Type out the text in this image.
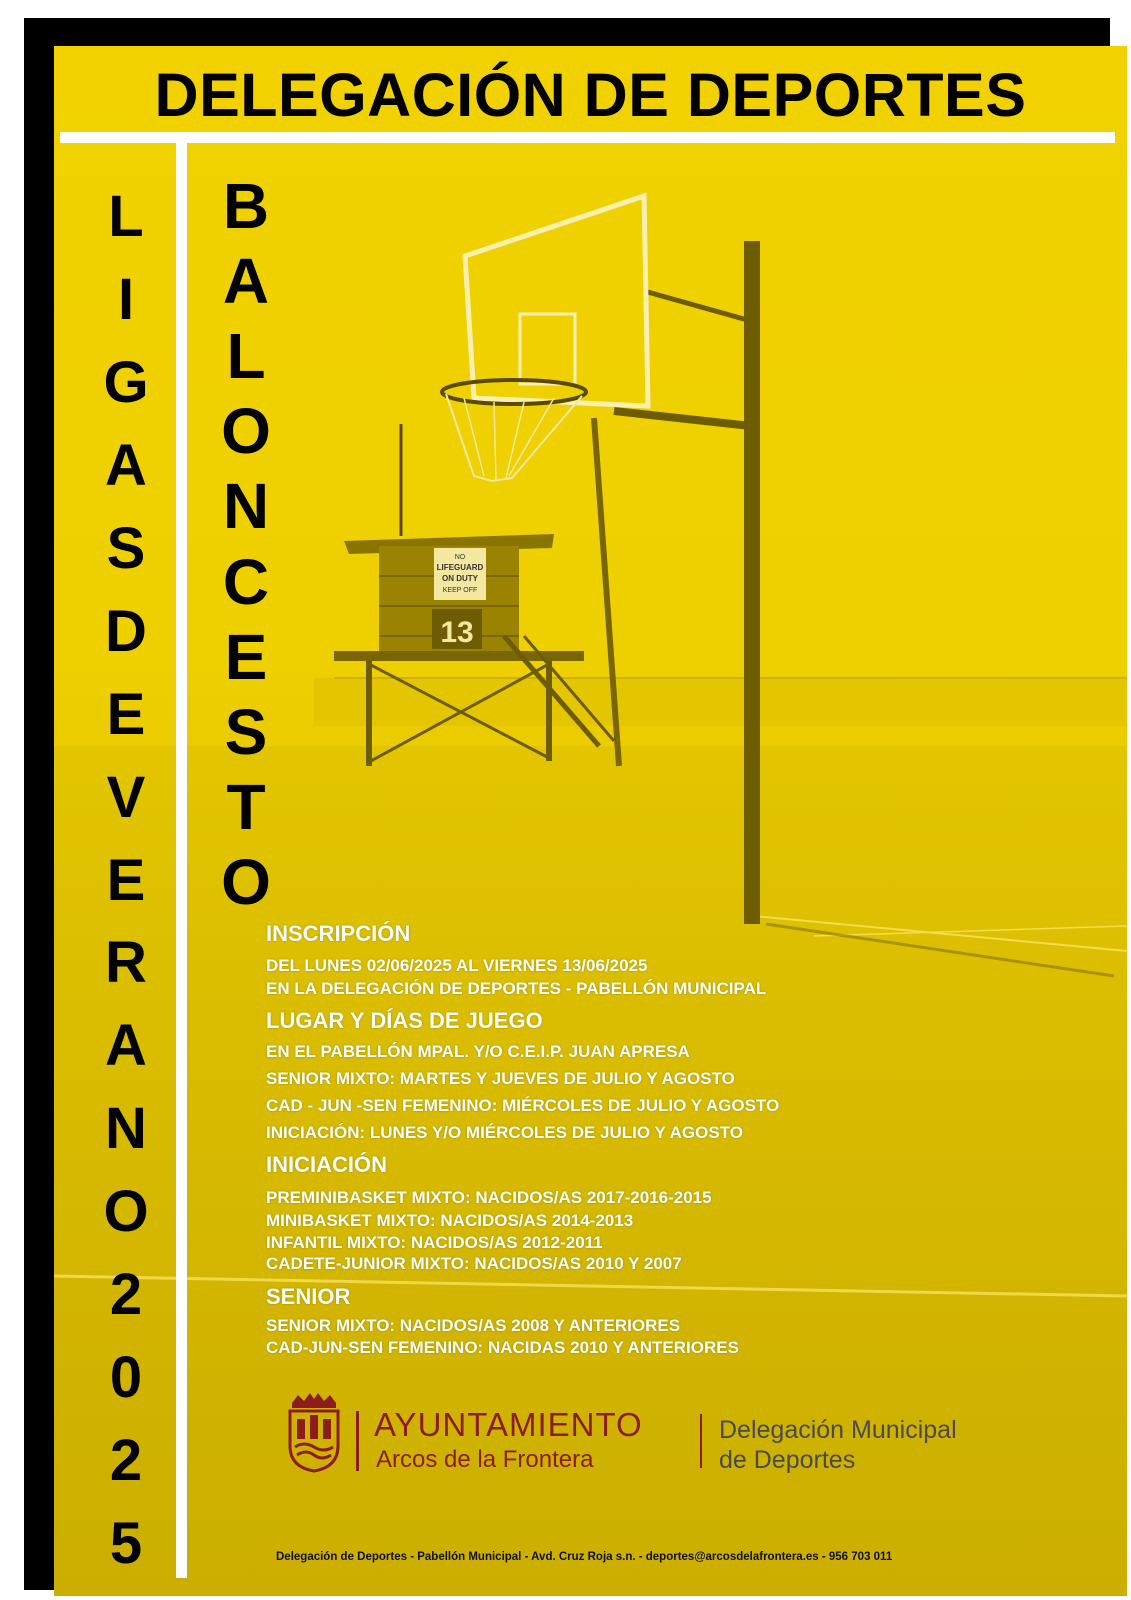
NO
LIFEGUARD
ON DUTY
KEEP OFF
13
DELEGACIÓN DE DEPORTES
L
I
G
A
S
D
E
V
E
R
A
N
O
2
0
2
5
B
A
L
O
N
C
E
S
T
O
INSCRIPCIÓN
DEL LUNES 02/06/2025 AL VIERNES 13/06/2025
EN LA DELEGACIÓN DE DEPORTES - PABELLÓN MUNICIPAL
LUGAR Y DÍAS DE JUEGO
EN EL PABELLÓN MPAL. Y/O C.E.I.P. JUAN APRESA
SENIOR MIXTO: MARTES Y JUEVES DE JULIO Y AGOSTO
CAD - JUN -SEN FEMENINO: MIÉRCOLES DE JULIO Y AGOSTO
INICIACIÓN: LUNES Y/O MIÉRCOLES DE JULIO Y AGOSTO
INICIACIÓN
PREMINIBASKET MIXTO: NACIDOS/AS 2017-2016-2015
MINIBASKET MIXTO: NACIDOS/AS 2014-2013
INFANTIL MIXTO: NACIDOS/AS 2012-2011
CADETE-JUNIOR MIXTO: NACIDOS/AS 2010 Y 2007
SENIOR
SENIOR MIXTO: NACIDOS/AS 2008 Y ANTERIORES
CAD-JUN-SEN FEMENINO: NACIDAS 2010 Y ANTERIORES
AYUNTAMIENTO
Arcos de la Frontera
Delegación Municipal
de Deportes
Delegación de Deportes - Pabellón Municipal - Avd. Cruz Roja s.n. - deportes@arcosdelafrontera.es - 956 703 011
